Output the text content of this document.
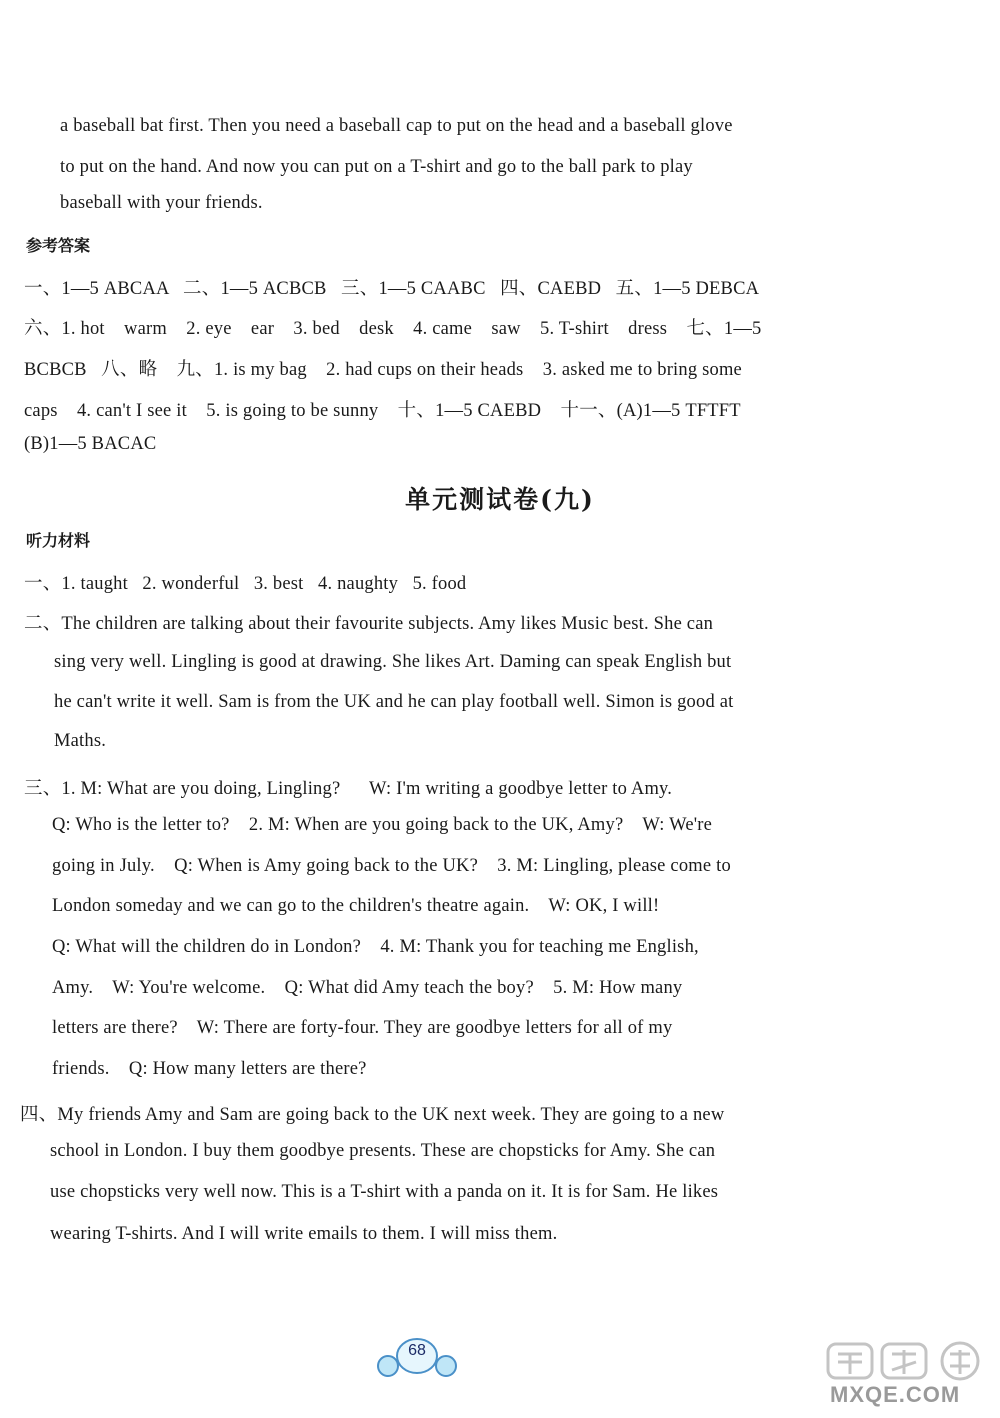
a baseball bat first. Then you need a baseball cap to put on the head and a baseball glove
to put on the hand. And now you can put on a T-shirt and go to the ball park to play
baseball with your friends.
参考答案
一、1—5 ABCAA   二、1—5 ACBCB   三、1—5 CAABC   四、CAEBD   五、1—5 DEBCA
六、1. hot    warm    2. eye    ear    3. bed    desk    4. came    saw    5. T-shirt    dress    七、1—5
BCBCB   八、略    九、1. is my bag    2. had cups on their heads    3. asked me to bring some
caps    4. can't I see it    5. is going to be sunny    十、1—5 CAEBD    十一、(A)1—5 TFTFT
(B)1—5 BACAC
单元测试卷(九)
听力材料
一、1. taught   2. wonderful   3. best   4. naughty   5. food
二、The children are talking about their favourite subjects. Amy likes Music best. She can
sing very well. Lingling is good at drawing. She likes Art. Daming can speak English but
he can't write it well. Sam is from the UK and he can play football well. Simon is good at
Maths.
三、1. M: What are you doing, Lingling?      W: I'm writing a goodbye letter to Amy.
Q: Who is the letter to?    2. M: When are you going back to the UK, Amy?    W: We're
going in July.    Q: When is Amy going back to the UK?    3. M: Lingling, please come to
London someday and we can go to the children's theatre again.    W: OK, I will!
Q: What will the children do in London?    4. M: Thank you for teaching me English,
Amy.    W: You're welcome.    Q: What did Amy teach the boy?    5. M: How many
letters are there?    W: There are forty-four. They are goodbye letters for all of my
friends.    Q: How many letters are there?
四、My friends Amy and Sam are going back to the UK next week. They are going to a new
school in London. I buy them goodbye presents. These are chopsticks for Amy. She can
use chopsticks very well now. This is a T-shirt with a panda on it. It is for Sam. He likes
wearing T-shirts. And I will write emails to them. I will miss them.
68
MXQE.COM
